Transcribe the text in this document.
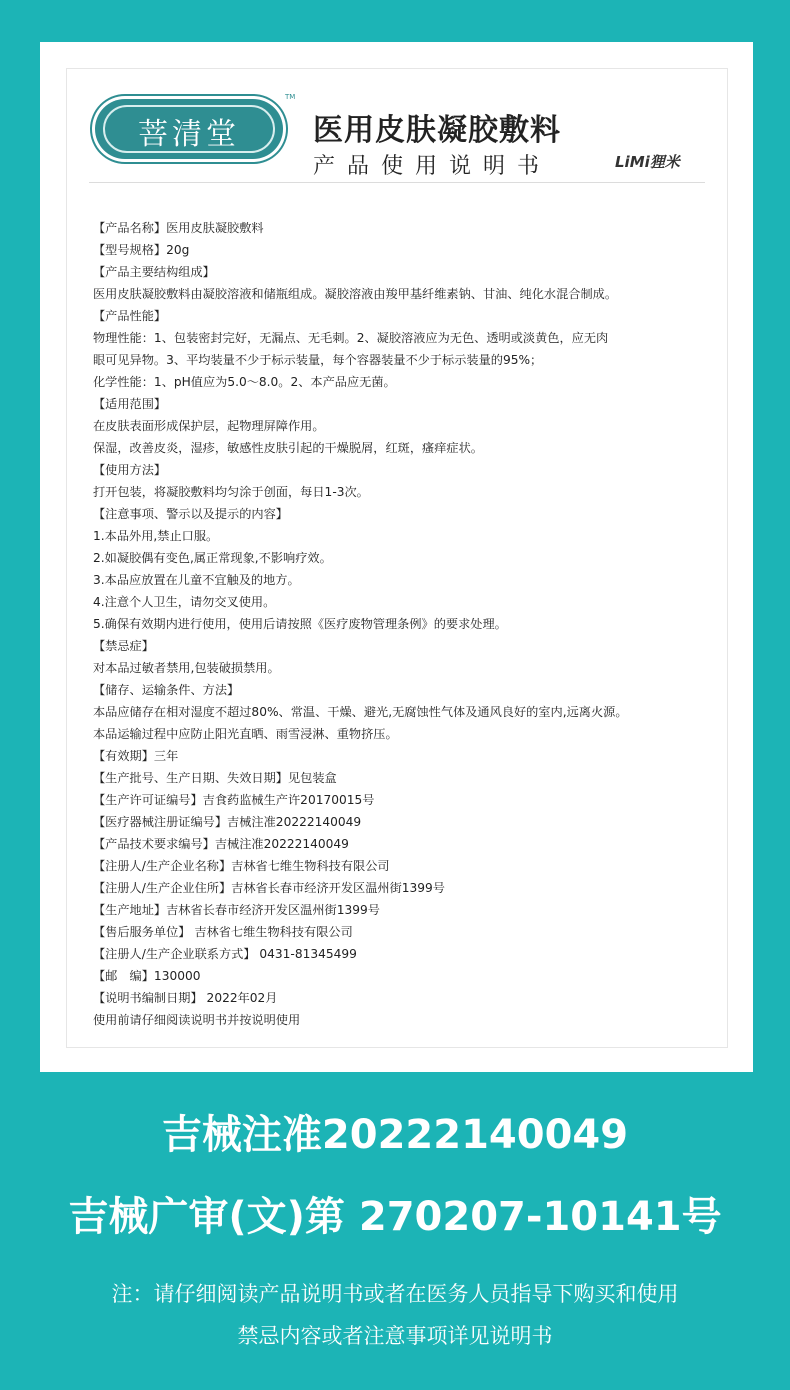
菩清堂
TM
医用皮肤凝胶敷料
产品使用说明书	LiMi狸米
【产品名称】医用皮肤凝胶敷料
【型号规格】20g
【产品主要结构组成】
医用皮肤凝胶敷料由凝胶溶液和储瓶组成。凝胶溶液由羧甲基纤维素钠、甘油、纯化水混合制成。
【产品性能】
物理性能：1、包装密封完好，无漏点、无毛刺。2、凝胶溶液应为无色、透明或淡黄色，应无肉
眼可见异物。3、平均装量不少于标示装量，每个容器装量不少于标示装量的95%；
化学性能：1、pH值应为5.0～8.0。2、本产品应无菌。
【适用范围】
在皮肤表面形成保护层，起物理屏障作用。
保湿，改善皮炎，湿疹，敏感性皮肤引起的干燥脱屑，红斑，瘙痒症状。
【使用方法】
打开包装，将凝胶敷料均匀涂于创面，每日1-3次。
【注意事项、警示以及提示的内容】
1.本品外用,禁止口服。
2.如凝胶偶有变色,属正常现象,不影响疗效。
3.本品应放置在儿童不宜触及的地方。
4.注意个人卫生，请勿交叉使用。
5.确保有效期内进行使用，使用后请按照《医疗废物管理条例》的要求处理。
【禁忌症】
对本品过敏者禁用,包装破损禁用。
【储存、运输条件、方法】
本品应储存在相对湿度不超过80%、常温、干燥、避光,无腐蚀性气体及通风良好的室内,远离火源。
本品运输过程中应防止阳光直晒、雨雪浸淋、重物挤压。
【有效期】三年
【生产批号、生产日期、失效日期】见包装盒
【生产许可证编号】吉食药监械生产许20170015号
【医疗器械注册证编号】吉械注准20222140049
【产品技术要求编号】吉械注准20222140049
【注册人/生产企业名称】吉林省七维生物科技有限公司
【注册人/生产企业住所】吉林省长春市经济开发区温州街1399号
【生产地址】吉林省长春市经济开发区温州街1399号
【售后服务单位】 吉林省七维生物科技有限公司
【注册人/生产企业联系方式】 0431-81345499
【邮　编】130000
【说明书编制日期】 2022年02月
使用前请仔细阅读说明书并按说明使用
吉械注准20222140049
吉械广审(文)第 270207-10141号
注：请仔细阅读产品说明书或者在医务人员指导下购买和使用
禁忌内容或者注意事项详见说明书
